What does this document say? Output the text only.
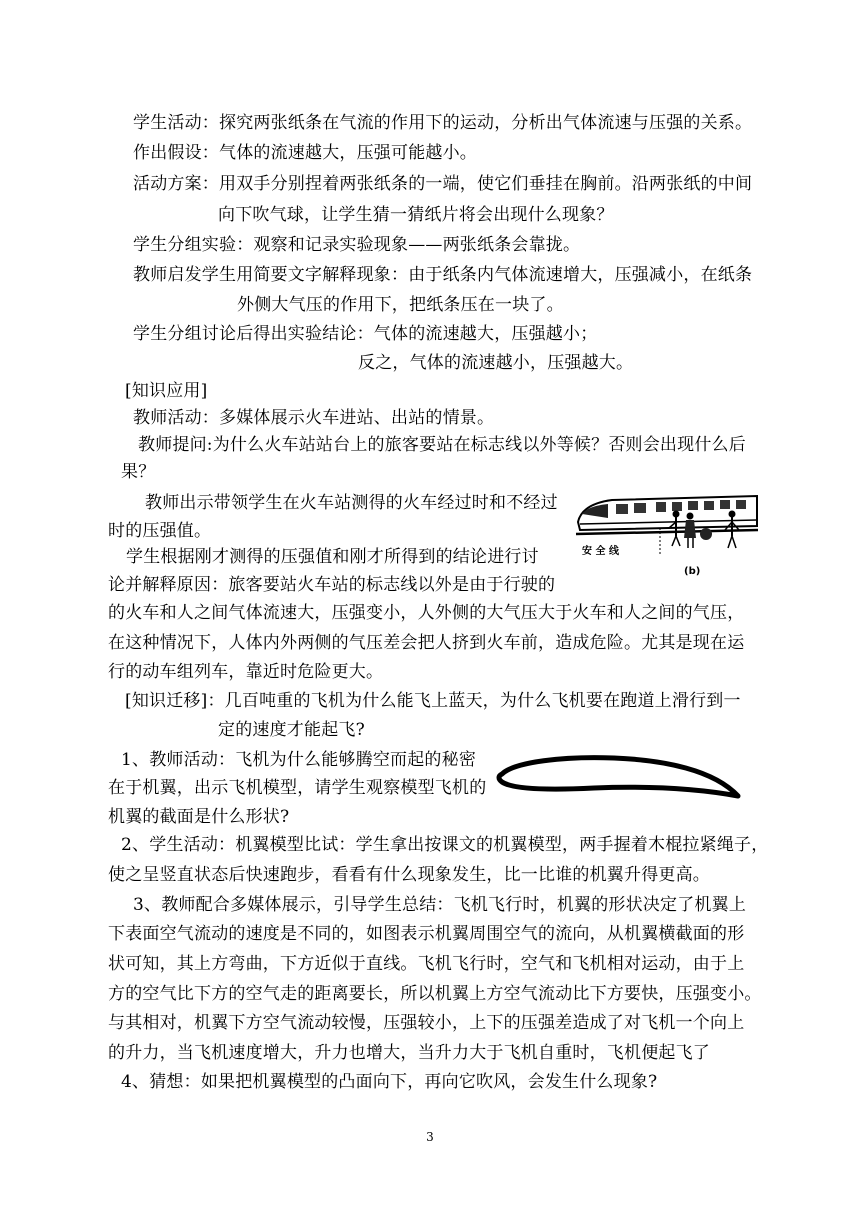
学生活动：探究两张纸条在气流的作用下的运动，分析出气体流速与压强的关系。
作出假设：气体的流速越大，压强可能越小。
活动方案：用双手分别捏着两张纸条的一端，使它们垂挂在胸前。沿两张纸的中间
向下吹气球，让学生猜一猜纸片将会出现什么现象？
学生分组实验：观察和记录实验现象——两张纸条会靠拢。
教师启发学生用简要文字解释现象：由于纸条内气体流速增大，压强减小，在纸条
外侧大气压的作用下，把纸条压在一块了。
学生分组讨论后得出实验结论：气体的流速越大，压强越小；
反之，气体的流速越小，压强越大。
[知识应用]
教师活动：多媒体展示火车进站、出站的情景。
教师提问:为什么火车站站台上的旅客要站在标志线以外等候？否则会出现什么后
果？
教师出示带领学生在火车站测得的火车经过时和不经过
时的压强值。
学生根据刚才测得的压强值和刚才所得到的结论进行讨
论并解释原因：旅客要站火车站的标志线以外是由于行驶的
安 全 线
(b)
的火车和人之间气体流速大，压强变小，人外侧的大气压大于火车和人之间的气压，
在这种情况下，人体内外两侧的气压差会把人挤到火车前，造成危险。尤其是现在运
行的动车组列车，靠近时危险更大。
[知识迁移]：几百吨重的飞机为什么能飞上蓝天，为什么飞机要在跑道上滑行到一
定的速度才能起飞?
1、教师活动：飞机为什么能够腾空而起的秘密
在于机翼，出示飞机模型，请学生观察模型飞机的
机翼的截面是什么形状?
2、学生活动：机翼模型比试：学生拿出按课文的机翼模型，两手握着木棍拉紧绳子，
使之呈竖直状态后快速跑步，看看有什么现象发生，比一比谁的机翼升得更高。
3、教师配合多媒体展示，引导学生总结：飞机飞行时，机翼的形状决定了机翼上
下表面空气流动的速度是不同的，如图表示机翼周围空气的流向，从机翼横截面的形
状可知，其上方弯曲，下方近似于直线。飞机飞行时，空气和飞机相对运动，由于上
方的空气比下方的空气走的距离要长，所以机翼上方空气流动比下方要快，压强变小。
与其相对，机翼下方空气流动较慢，压强较小，上下的压强差造成了对飞机一个向上
的升力，当飞机速度增大，升力也增大，当升力大于飞机自重时，飞机便起飞了
4、猜想：如果把机翼模型的凸面向下，再向它吹风，会发生什么现象?
3
